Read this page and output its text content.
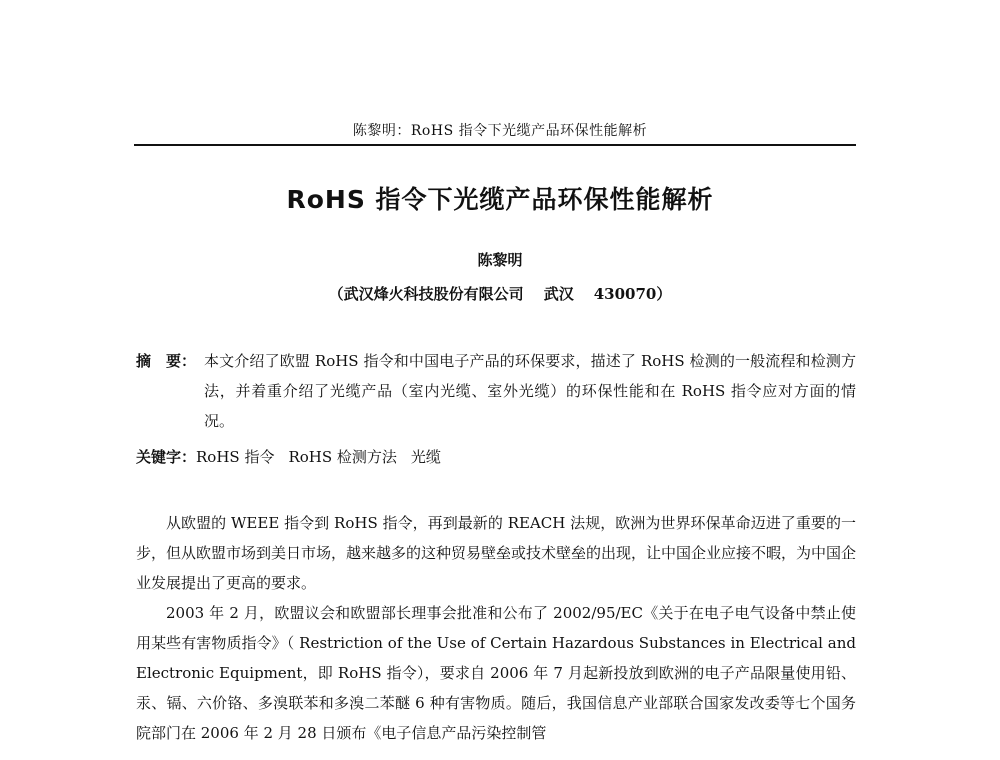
陈黎明：RoHS 指令下光缆产品环保性能解析
RoHS 指令下光缆产品环保性能解析
陈黎明
（武汉烽火科技股份有限公司 武汉 430070）
摘　要： 本文介绍了欧盟 RoHS 指令和中国电子产品的环保要求，描述了 RoHS 检测的一般流程和检测方法，并着重介绍了光缆产品（室内光缆、室外光缆）的环保性能和在 RoHS 指令应对方面的情况。
关键字：RoHS 指令 RoHS 检测方法 光缆

从欧盟的 WEEE 指令到 RoHS 指令，再到最新的 REACH 法规，欧洲为世界环保革命迈进了重要的一步，但从欧盟市场到美日市场，越来越多的这种贸易壁垒或技术壁垒的出现，让中国企业应接不暇，为中国企业发展提出了更高的要求。

2003 年 2 月，欧盟议会和欧盟部长理事会批准和公布了 2002/95/EC《关于在电子电气设备中禁止使用某些有害物质指令》（ Restriction of the Use of Certain Hazardous Substances in Electrical and Electronic Equipment，即 RoHS 指令），要求自 2006 年 7 月起新投放到欧洲的电子产品限量使用铅、汞、镉、六价铬、多溴联苯和多溴二苯醚 6 种有害物质。随后，我国信息产业部联合国家发改委等七个国务院部门在 2006 年 2 月 28 日颁布《电子信息产品污染控制管
